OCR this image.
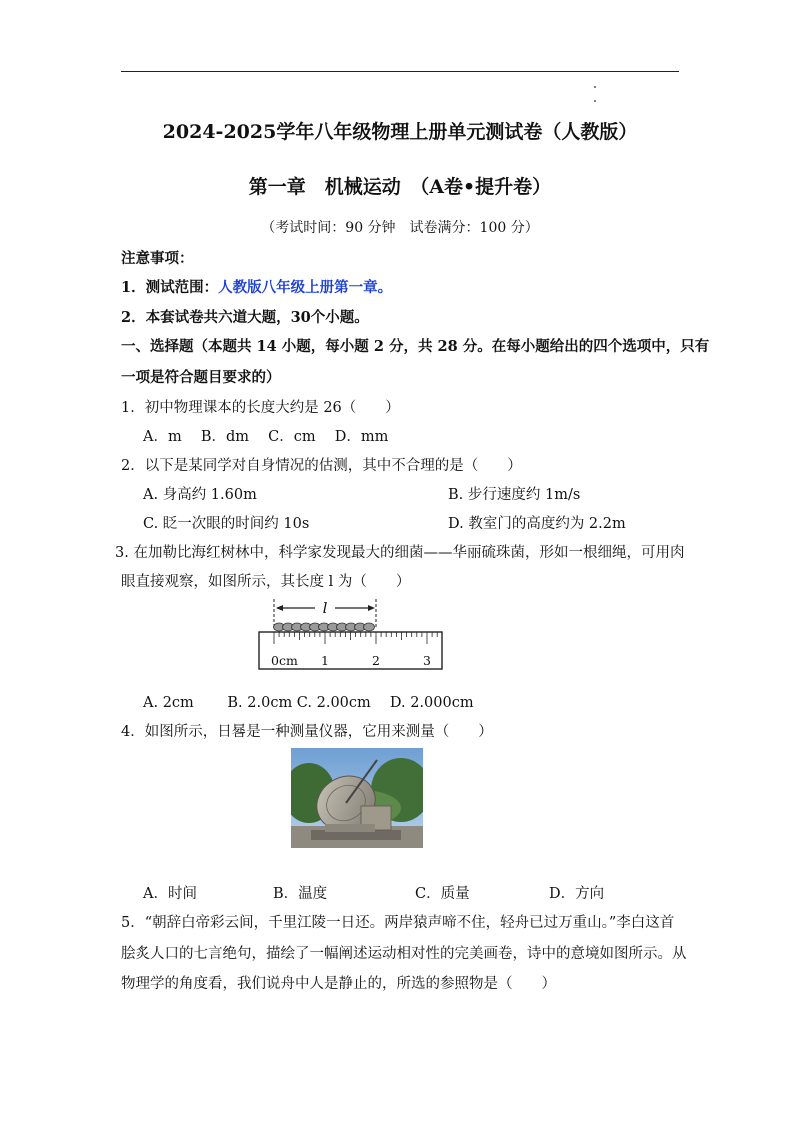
2024-2025学年八年级物理上册单元测试卷（人教版）
第一章　机械运动　（A卷•提升卷）
（考试时间：90 分钟　试卷满分：100 分）
注意事项：
1．测试范围：人教版八年级上册第一章。
2．本套试卷共六道大题，30个小题。
一、选择题（本题共 14 小题，每小题 2 分，共 28 分。在每小题给出的四个选项中，只有
一项是符合题目要求的）
1．初中物理课本的长度大约是 26（　　）
A．m　 B．dm　 C．cm　 D．mm
2．以下是某同学对自身情况的估测，其中不合理的是（　　）
A. 身高约 1.60m	B. 步行速度约 1m/s
C. 眨一次眼的时间约 10s	D. 教室门的高度约为 2.2m
3. 在加勒比海红树林中，科学家发现最大的细菌——华丽硫珠菌，形如一根细绳，可用肉
眼直接观察，如图所示，其长度 l 为（　　）
l
0cm 1	2	3
A. 2cm　　 B. 2.0cm C. 2.00cm　 D. 2.000cm
4．如图所示，日晷是一种测量仪器，它用来测量（　　）
A．时间	B．温度	C．质量	D．方向
5．“朝辞白帝彩云间，千里江陵一日还。两岸猿声啼不住，轻舟已过万重山。”李白这首
脍炙人口的七言绝句，描绘了一幅阐述运动相对性的完美画卷，诗中的意境如图所示。从
物理学的角度看，我们说舟中人是静止的，所选的参照物是（　　）
